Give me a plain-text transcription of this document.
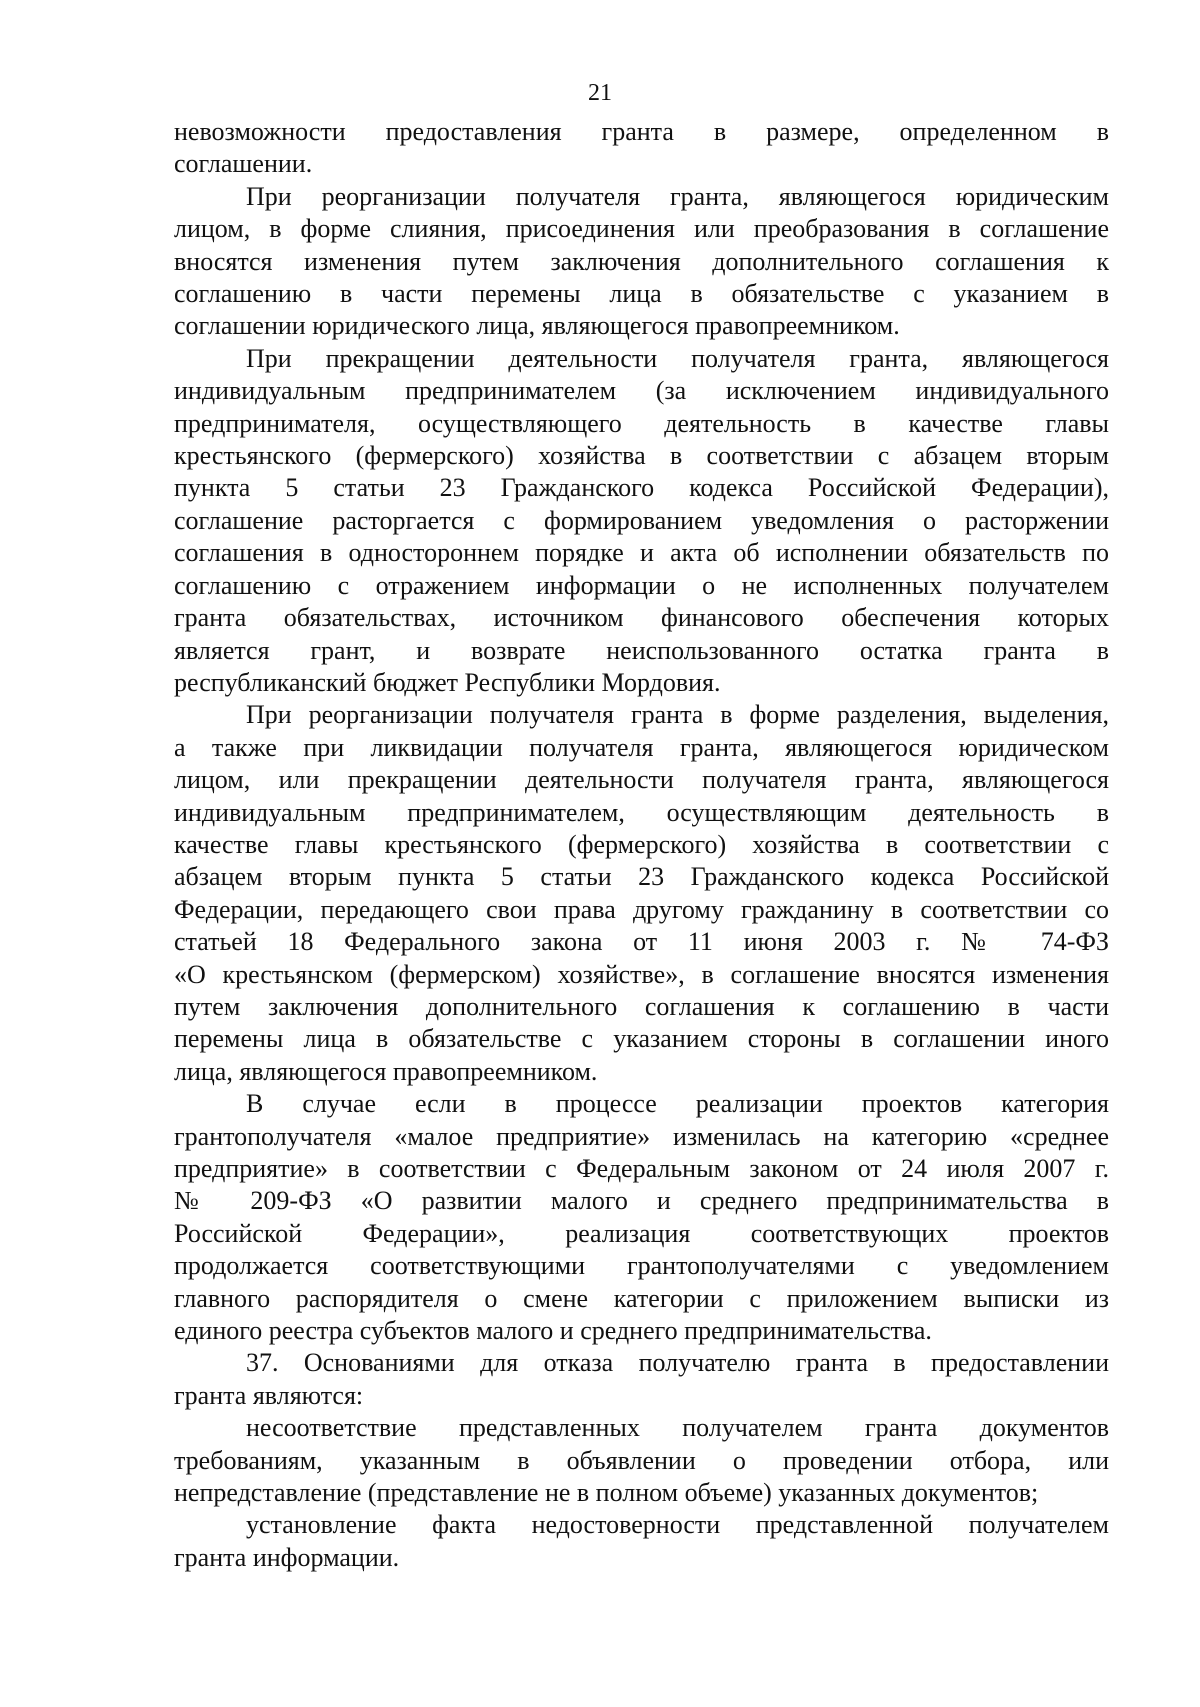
21
невозможности предоставления гранта в размере, определенном в
соглашении.
При реорганизации получателя гранта, являющегося юридическим
лицом, в форме слияния, присоединения или преобразования в соглашение
вносятся изменения путем заключения дополнительного соглашения к
соглашению в части перемены лица в обязательстве с указанием в
соглашении юридического лица, являющегося правопреемником.
При прекращении деятельности получателя гранта, являющегося
индивидуальным предпринимателем (за исключением индивидуального
предпринимателя, осуществляющего деятельность в качестве главы
крестьянского (фермерского) хозяйства в соответствии с абзацем вторым
пункта 5 статьи 23 Гражданского кодекса Российской Федерации),
соглашение расторгается с формированием уведомления о расторжении
соглашения в одностороннем порядке и акта об исполнении обязательств по
соглашению с отражением информации о не исполненных получателем
гранта обязательствах, источником финансового обеспечения которых
является грант, и возврате неиспользованного остатка гранта в
республиканский бюджет Республики Мордовия.
При реорганизации получателя гранта в форме разделения, выделения,
а также при ликвидации получателя гранта, являющегося юридическом
лицом, или прекращении деятельности получателя гранта, являющегося
индивидуальным предпринимателем, осуществляющим деятельность в
качестве главы крестьянского (фермерского) хозяйства в соответствии с
абзацем вторым пункта 5 статьи 23 Гражданского кодекса Российской
Федерации, передающего свои права другому гражданину в соответствии со
статьей 18 Федерального закона от 11 июня 2003 г. № 74-ФЗ
«О крестьянском (фермерском) хозяйстве», в соглашение вносятся изменения
путем заключения дополнительного соглашения к соглашению в части
перемены лица в обязательстве с указанием стороны в соглашении иного
лица, являющегося правопреемником.
В случае если в процессе реализации проектов категория
грантополучателя «малое предприятие» изменилась на категорию «среднее
предприятие» в соответствии с Федеральным законом от 24 июля 2007 г.
№ 209-ФЗ «О развитии малого и среднего предпринимательства в
Российской Федерации», реализация соответствующих проектов
продолжается соответствующими грантополучателями с уведомлением
главного распорядителя о смене категории с приложением выписки из
единого реестра субъектов малого и среднего предпринимательства.
37. Основаниями для отказа получателю гранта в предоставлении
гранта являются:
несоответствие представленных получателем гранта документов
требованиям, указанным в объявлении о проведении отбора, или
непредставление (представление не в полном объеме) указанных документов;
установление факта недостоверности представленной получателем
гранта информации.
